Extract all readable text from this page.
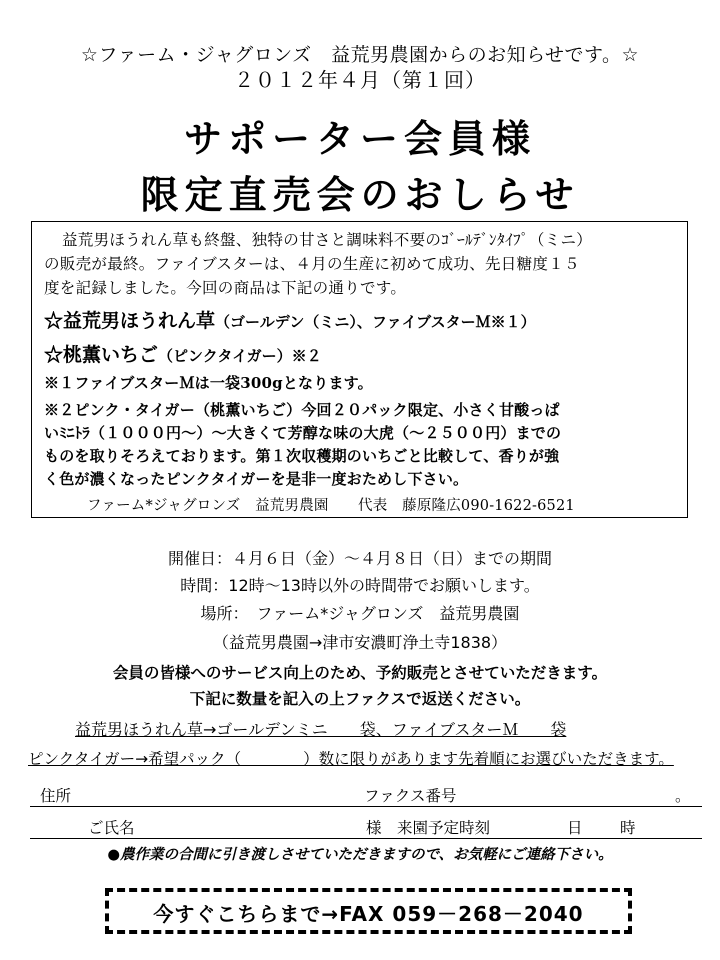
☆ファーム・ジャグロンズ　益荒男農園からのお知らせです。☆
２０１２年４月（第１回）
サポーター会員様
限定直売会のおしらせ
益荒男ほうれん草も終盤、独特の甘さと調味料不要のｺﾞｰﾙﾃﾞﾝﾀｲﾌﾟ（ミニ）
の販売が最終。ファイブスターは、４月の生産に初めて成功、先日糖度１５
度を記録しました。今回の商品は下記の通りです。
☆益荒男ほうれん草（ゴールデン（ミニ）、ファイブスターＭ※１）
☆桃薫いちご（ピンクタイガー）※２
※１ファイブスターＭは一袋300gとなります。
※２ピンク・タイガー（桃薫いちご）今回２０パック限定、小さく甘酸っぱ
いﾐﾆﾄﾗ（１０００円～）～大きくて芳醇な味の大虎（～２５００円）までの
ものを取りそろえております。第１次収穫期のいちごと比較して、香りが強
く色が濃くなったピンクタイガーを是非一度おためし下さい。
ファーム*ジャグロンズ　益荒男農園　　代表　藤原隆広090-1622-6521
開催日：４月６日（金）～４月８日（日）までの期間
時間：12時～13時以外の時間帯でお願いします。
場所：　ファーム*ジャグロンズ　益荒男農園
（益荒男農園→津市安濃町浄土寺1838）
会員の皆様へのサービス向上のため、予約販売とさせていただきます。
下記に数量を記入の上ファクスで返送ください。
益荒男ほうれん草→ゴールデンミニ　　袋、ファイブスターＭ　　袋
ピンクタイガー→希望パック（　　　　）数に限りがあります先着順にお選びいただきます。
住所	ファクス番号	。
ご氏名	様　来園予定時刻	日 時
●農作業の合間に引き渡しさせていただきますので、お気軽にご連絡下さい。
今すぐこちらまで→FAX 059－268－2040
